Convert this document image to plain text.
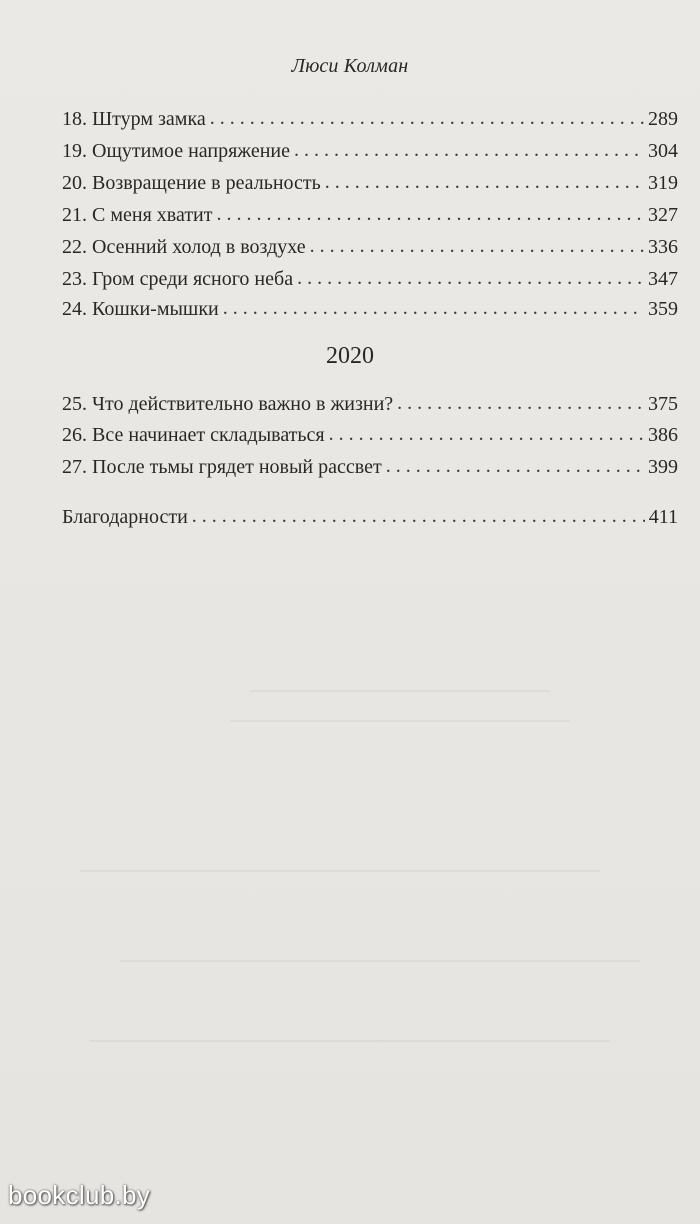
Люси Колман
18. Штурм замка . . .	289
19. Ощутимое напряжение . . .	304
20. Возвращение в реальность . . .	319
21. С меня хватит . . .	327
22. Осенний холод в воздухе . . .	336
23. Гром среди ясного неба . . .	347
24. Кошки-мышки . . .	359
2020
25. Что действительно важно в жизни? . . .	375
26. Все начинает складываться . . .	386
27. После тьмы грядет новый рассвет . . .	399
Благодарности . . .	411
bookclub.by
